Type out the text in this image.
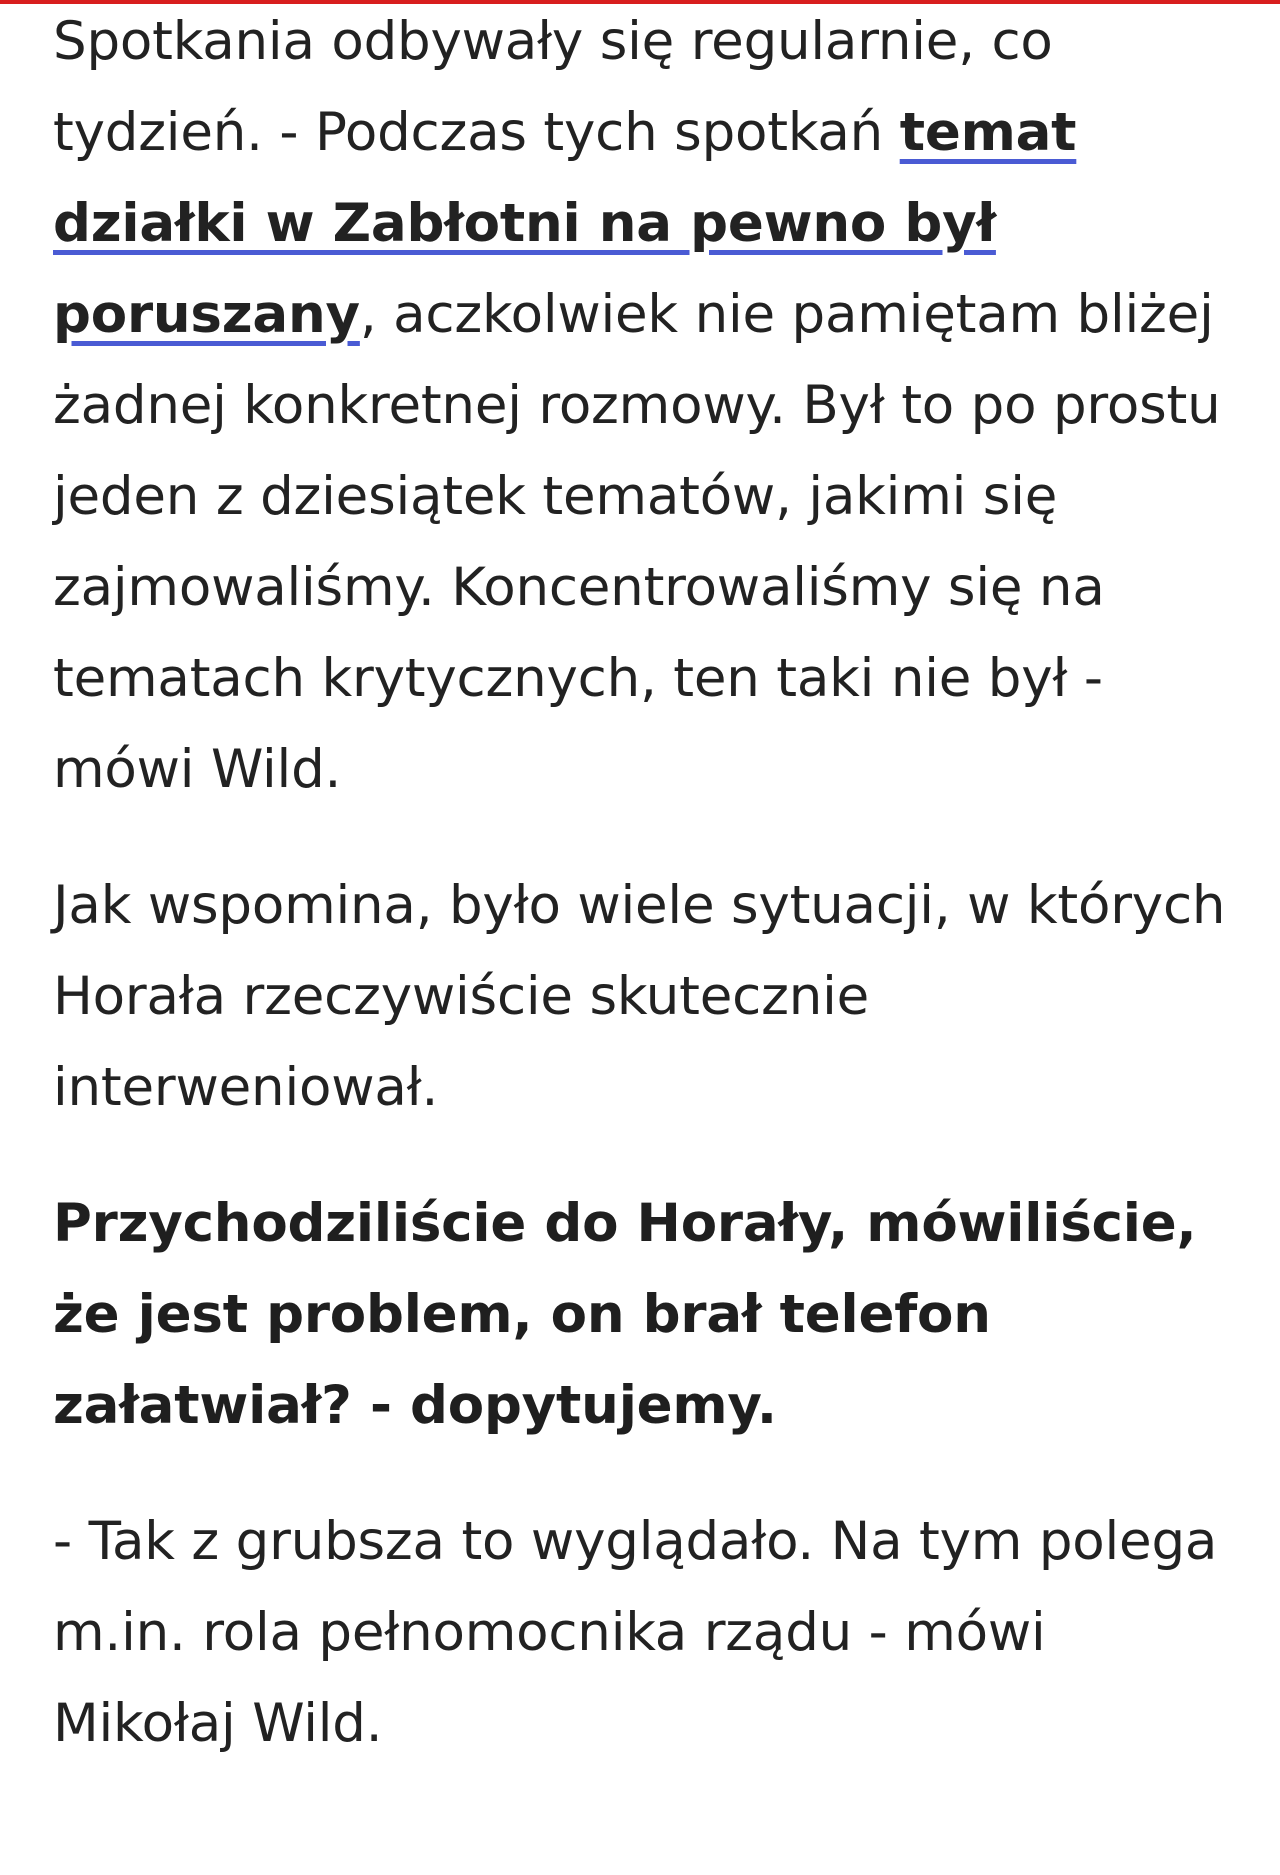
Spotkania odbywały się regularnie, co tydzień. - Podczas tych spotkań temat działki w Zabłotni na pewno był poruszany, aczkolwiek nie pamiętam bliżej żadnej konkretnej rozmowy. Był to po prostu jeden z dziesiątek tematów, jakimi się zajmowaliśmy. Koncentrowaliśmy się na tematach krytycznych, ten taki nie był - mówi Wild.

Jak wspomina, było wiele sytuacji, w których Horała rzeczywiście skutecznie interweniował.

Przychodziliście do Horały, mówiliście, że jest problem, on brał telefon załatwiał? - dopytujemy.

- Tak z grubsza to wyglądało. Na tym polega m.in. rola pełnomocnika rządu - mówi Mikołaj Wild.
